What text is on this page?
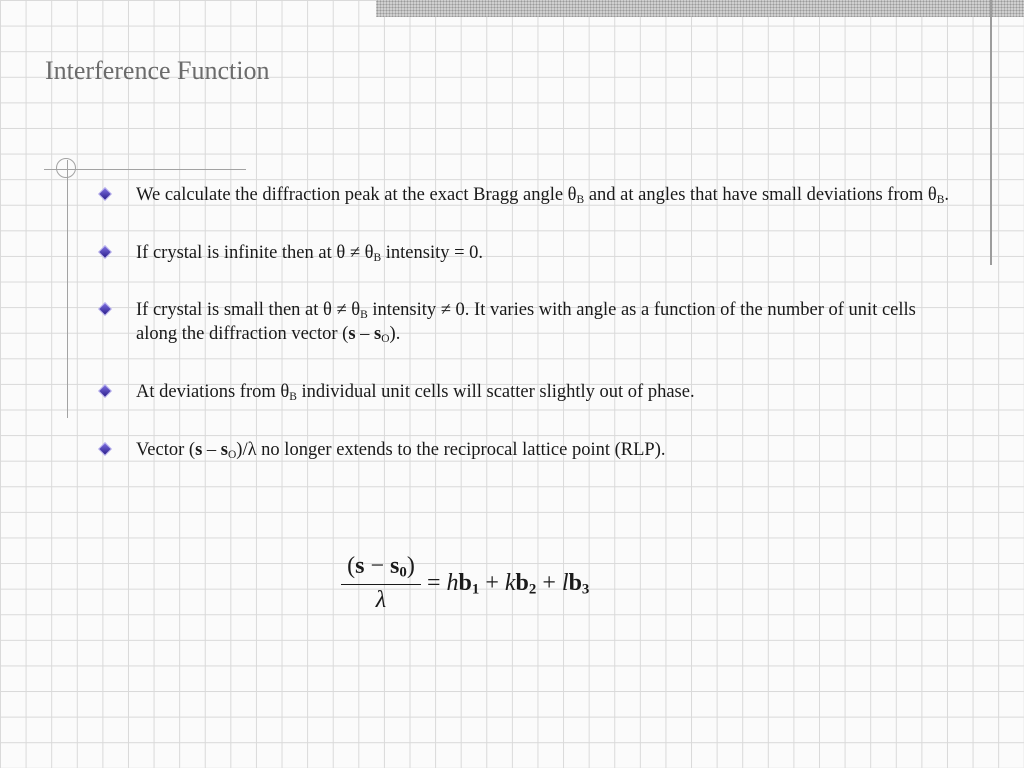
Interference Function
We calculate the diffraction peak at the exact Bragg angle $\theta_B$ and at angles that have small deviations from $\theta_B$.
If crystal is infinite then at $\theta \ne \theta_B$ intensity = 0.
If crystal is small then at $\theta \ne \theta_B$ intensity ≠ 0. It varies with angle as a function of the number of unit cells along the diffraction vector $(s - s_O)$.
At deviations from $\theta_B$ individual unit cells will scatter slightly out of phase.
Vector $(s - s_O)/\lambda$ no longer extends to the reciprocal lattice point (RLP).
$\frac{(s - s_0)}{\lambda} = hb_1 + kb_2 + lb_3$
